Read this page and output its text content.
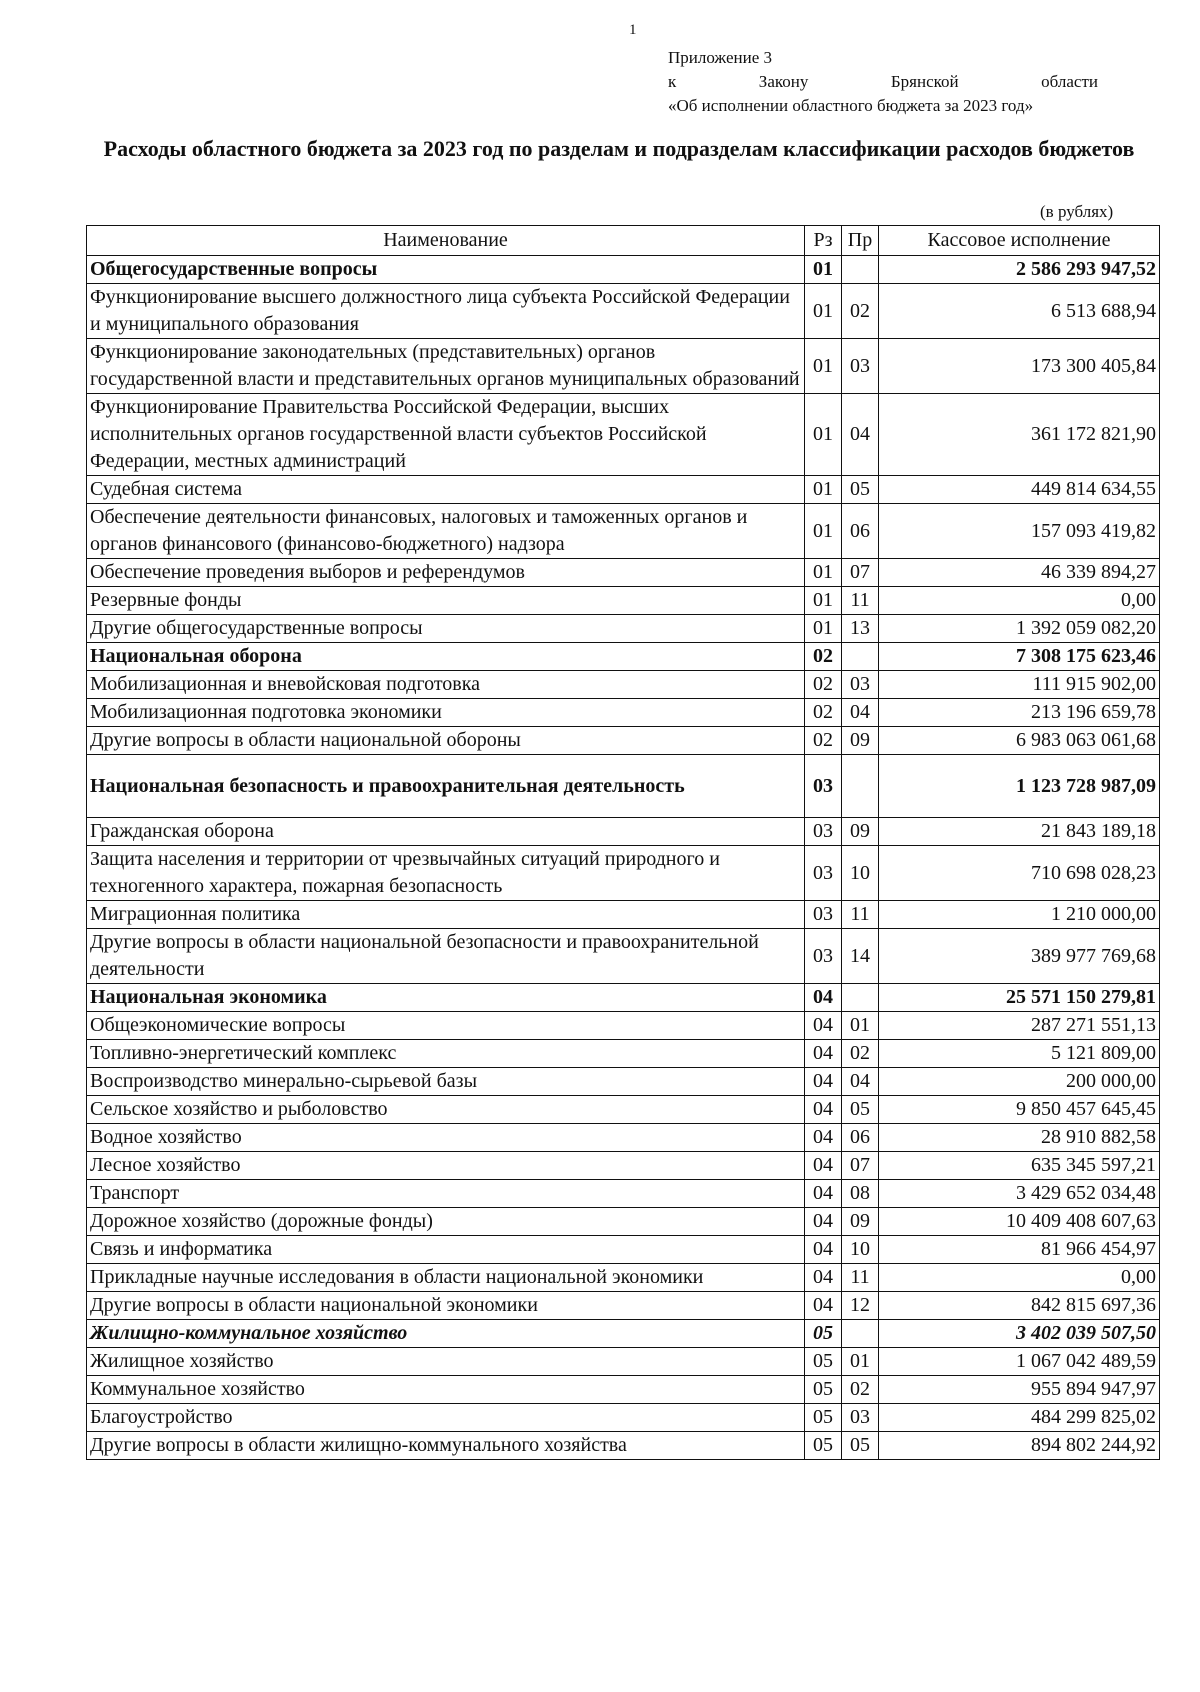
1
Приложение 3
к	Закону	Брянской	области
«Об исполнении областного бюджета за 2023 год»
Расходы областного бюджета за 2023 год по разделам и подразделам классификации расходов бюджетов
(в рублях)
Наименование	Рз	Пр	Кассовое исполнение
Общегосударственные вопросы	01		2 586 293 947,52
Функционирование высшего должностного лица субъекта Российской Федерации и муниципального образования	01	02	6 513 688,94
Функционирование законодательных (представительных) органов государственной власти и представительных органов муниципальных образований	01	03	173 300 405,84
Функционирование Правительства Российской Федерации, высших исполнительных органов государственной власти субъектов Российской Федерации, местных администраций	01	04	361 172 821,90
Судебная система	01	05	449 814 634,55
Обеспечение деятельности финансовых, налоговых и таможенных органов и органов финансового (финансово-бюджетного) надзора	01	06	157 093 419,82
Обеспечение проведения выборов и референдумов	01	07	46 339 894,27
Резервные фонды	01	11	0,00
Другие общегосударственные вопросы	01	13	1 392 059 082,20
Национальная оборона	02		7 308 175 623,46
Мобилизационная и вневойсковая подготовка	02	03	111 915 902,00
Мобилизационная подготовка экономики	02	04	213 196 659,78
Другие вопросы в области национальной обороны	02	09	6 983 063 061,68
Национальная безопасность и правоохранительная деятельность	03		1 123 728 987,09
Гражданская оборона	03	09	21 843 189,18
Защита населения и территории от чрезвычайных ситуаций природного и техногенного характера, пожарная безопасность	03	10	710 698 028,23
Миграционная политика	03	11	1 210 000,00
Другие вопросы в области национальной безопасности и правоохранительной деятельности	03	14	389 977 769,68
Национальная экономика	04		25 571 150 279,81
Общеэкономические вопросы	04	01	287 271 551,13
Топливно-энергетический комплекс	04	02	5 121 809,00
Воспроизводство минерально-сырьевой базы	04	04	200 000,00
Сельское хозяйство и рыболовство	04	05	9 850 457 645,45
Водное хозяйство	04	06	28 910 882,58
Лесное хозяйство	04	07	635 345 597,21
Транспорт	04	08	3 429 652 034,48
Дорожное хозяйство (дорожные фонды)	04	09	10 409 408 607,63
Связь и информатика	04	10	81 966 454,97
Прикладные научные исследования в области национальной экономики	04	11	0,00
Другие вопросы в области национальной экономики	04	12	842 815 697,36
Жилищно-коммунальное хозяйство	05		3 402 039 507,50
Жилищное хозяйство	05	01	1 067 042 489,59
Коммунальное хозяйство	05	02	955 894 947,97
Благоустройство	05	03	484 299 825,02
Другие вопросы в области жилищно-коммунального хозяйства	05	05	894 802 244,92
